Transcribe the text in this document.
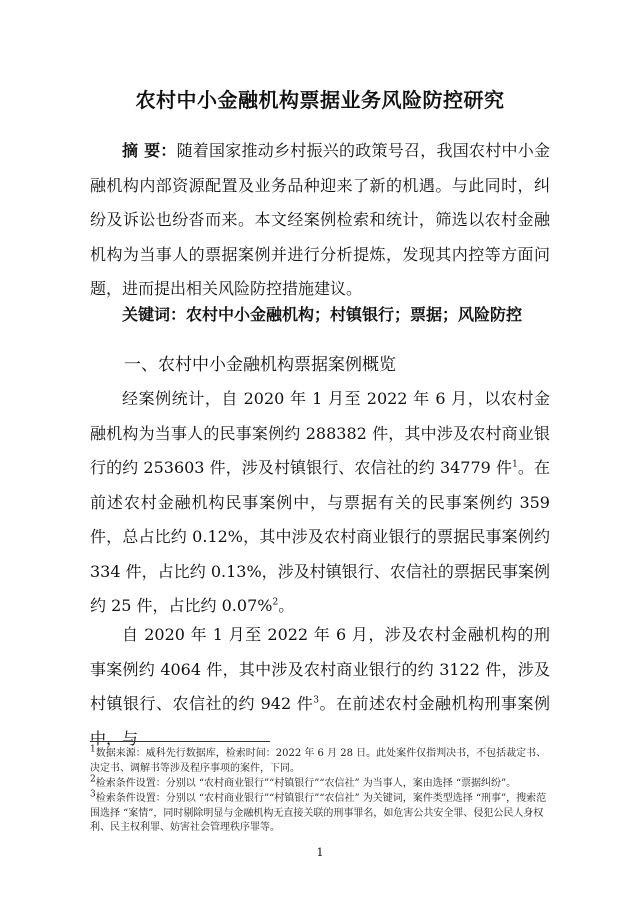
农村中小金融机构票据业务风险防控研究

摘 要：随着国家推动乡村振兴的政策号召，我国农村中小金融机构内部资源配置及业务品种迎来了新的机遇。与此同时，纠纷及诉讼也纷沓而来。本文经案例检索和统计，筛选以农村金融机构为当事人的票据案例并进行分析提炼，发现其内控等方面问题，进而提出相关风险防控措施建议。

关键词：农村中小金融机构；村镇银行；票据；风险防控

一、农村中小金融机构票据案例概览

经案例统计，自 2020 年 1 月至 2022 年 6 月，以农村金融机构为当事人的民事案例约 288382 件，其中涉及农村商业银行的约 253603 件，涉及村镇银行、农信社的约 34779 件$^1$。在前述农村金融机构民事案例中，与票据有关的民事案例约 359 件，总占比约 0.12%，其中涉及农村商业银行的票据民事案例约 334 件，占比约 0.13%，涉及村镇银行、农信社的票据民事案例约 25 件，占比约 0.07%$^2$。

自 2020 年 1 月至 2022 年 6 月，涉及农村金融机构的刑事案例约 4064 件，其中涉及农村商业银行的约 3122 件，涉及村镇银行、农信社的约 942 件$^3$。在前述农村金融机构刑事案例中，与

$^1$数据来源：威科先行数据库，检索时间：2022 年 6 月 28 日。此处案件仅指判决书，不包括裁定书、决定书、调解书等涉及程序事项的案件，下同。

$^2$检索条件设置：分别以 “农村商业银行”“村镇银行”“农信社” 为当事人，案由选择 “票据纠纷”。

$^3$检索条件设置：分别以 “农村商业银行”“村镇银行”“农信社” 为关键词，案件类型选择 “刑事”，搜索范围选择 “案情”，同时剔除明显与金融机构无直接关联的刑事罪名，如危害公共安全罪、侵犯公民人身权利、民主权利罪、妨害社会管理秩序罪等。

1
